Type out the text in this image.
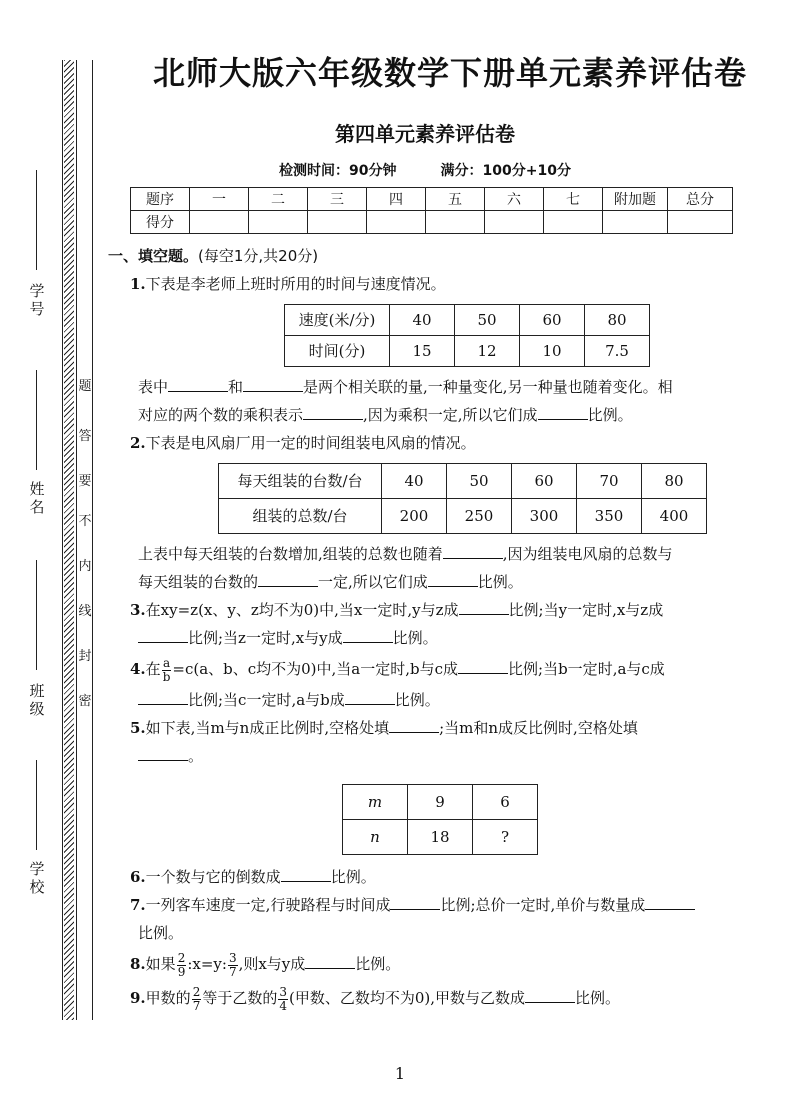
学号
姓名
班级
学校
题
答
要
不
内
线
封
密
北师大版六年级数学下册单元素养评估卷
第四单元素养评估卷
检测时间：90分钟	满分：100分+10分
题序	一	二	三	四	五	六	七	附加题	总分
得分									
一、填空题。(每空1分,共20分)
1.下表是李老师上班时所用的时间与速度情况。
速度(米/分)	40	50	60	80
时间(分)	15	12	10	7.5
表中	和	是两个相关联的量,一种量变化,另一种量也随着变化。相
对应的两个数的乘积表示	,因为乘积一定,所以它们成	比例。
2.下表是电风扇厂用一定的时间组装电风扇的情况。
每天组装的台数/台	40	50	60	70	80
组装的总数/台	200	250	300	350	400
上表中每天组装的台数增加,组装的总数也随着	,因为组装电风扇的总数与
每天组装的台数的	一定,所以它们成	比例。
3.在xy=z(x、y、z均不为0)中,当x一定时,y与z成	比例;当y一定时,x与z成
比例;当z一定时,x与y成	比例。
4.在 $\frac{a}{b} =c(a$、b、c均不为0)中,当a一定时,b与c成	比例;当b一定时,a与c成
比例;当c一定时,a与b成	比例。
5.如下表,当m与n成正比例时,空格处填	;当m和n成反比例时,空格处填
。
m	9	6
n	18	?
6.一个数与它的倒数成	比例。
7.一列客车速度一定,行驶路程与时间成	比例;总价一定时,单价与数量成
比例。
8.如果 $\frac{2}{9}$ :x=y: $\frac{3}{7}$ ,则x与y成	比例。
9.甲数的 $\frac{2}{7}$ 等于乙数的 $\frac{3}{4}$ (甲数、乙数均不为0),甲数与乙数成	比例。
1
